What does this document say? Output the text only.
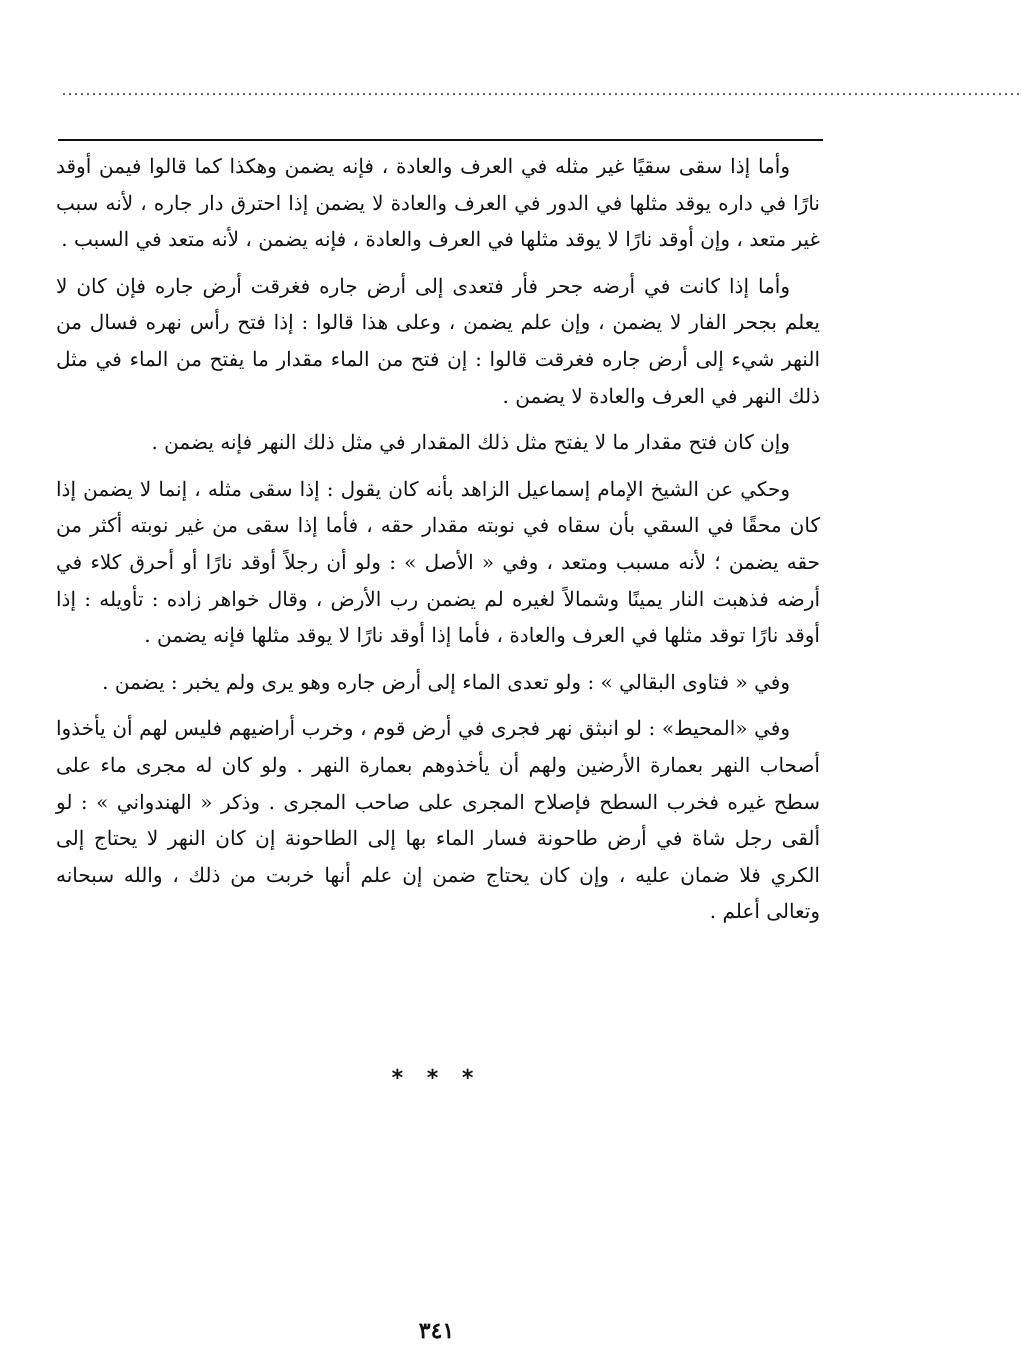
................................................................................................................................................................

وأما إذا سقى سقيًا غير مثله في العرف والعادة ، فإنه يضمن وهكذا كما قالوا فيمن أوقد نارًا في داره يوقد مثلها في الدور في العرف والعادة لا يضمن إذا احترق دار جاره ، لأنه سبب غير متعد ، وإن أوقد نارًا لا يوقد مثلها في العرف والعادة ، فإنه يضمن ، لأنه متعد في السبب .

وأما إذا كانت في أرضه جحر فأر فتعدى إلى أرض جاره فغرقت أرض جاره فإن كان لا يعلم بجحر الفار لا يضمن ، وإن علم يضمن ، وعلى هذا قالوا : إذا فتح رأس نهره فسال من النهر شيء إلى أرض جاره فغرقت قالوا : إن فتح من الماء مقدار ما يفتح من الماء في مثل ذلك النهر في العرف والعادة لا يضمن .

وإن كان فتح مقدار ما لا يفتح مثل ذلك المقدار في مثل ذلك النهر فإنه يضمن .

وحكي عن الشيخ الإمام إسماعيل الزاهد بأنه كان يقول : إذا سقى مثله ، إنما لا يضمن إذا كان محقًا في السقي بأن سقاه في نوبته مقدار حقه ، فأما إذا سقى من غير نوبته أكثر من حقه يضمن ؛ لأنه مسبب ومتعد ، وفي « الأصل » : ولو أن رجلاً أوقد نارًا أو أحرق كلاء في أرضه فذهبت النار يمينًا وشمالاً لغيره لم يضمن رب الأرض ، وقال خواهر زاده : تأويله : إذا أوقد نارًا توقد مثلها في العرف والعادة ، فأما إذا أوقد نارًا لا يوقد مثلها فإنه يضمن .

وفي « فتاوى البقالي » : ولو تعدى الماء إلى أرض جاره وهو يرى ولم يخبر : يضمن .

وفي «المحيط» : لو انبثق نهر فجرى في أرض قوم ، وخرب أراضيهم فليس لهم أن يأخذوا أصحاب النهر بعمارة الأرضين ولهم أن يأخذوهم بعمارة النهر . ولو كان له مجرى ماء على سطح غيره فخرب السطح فإصلاح المجرى على صاحب المجرى . وذكر « الهندواني » : لو ألقى رجل شاة في أرض طاحونة فسار الماء بها إلى الطاحونة إن كان النهر لا يحتاج إلى الكري فلا ضمان عليه ، وإن كان يحتاج ضمن إن علم أنها خربت من ذلك ، والله سبحانه وتعالى أعلم .

* * *
٣٤١
